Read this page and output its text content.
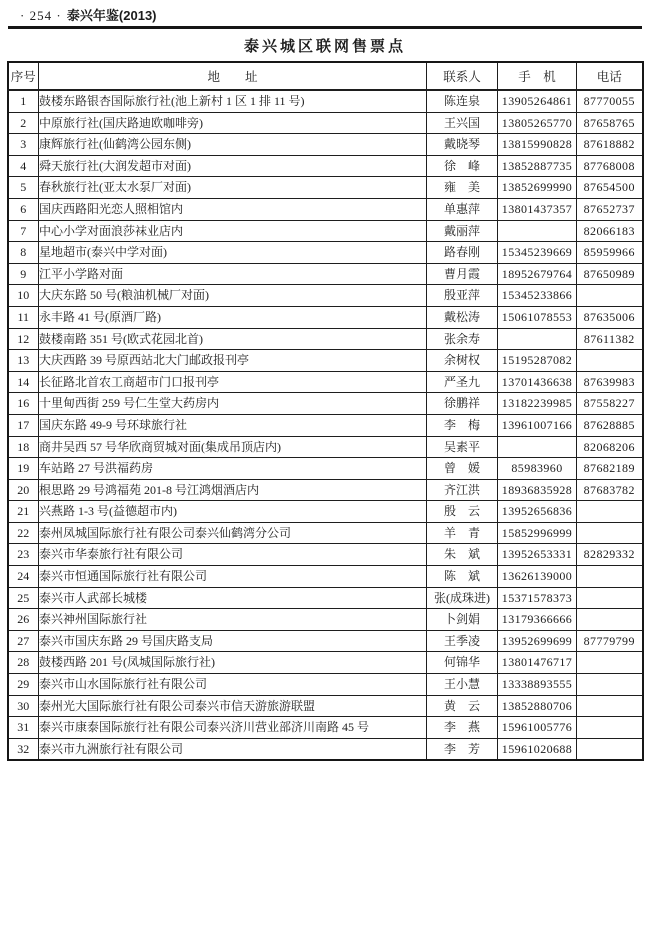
· 254 · 泰兴年鉴(2013)
泰兴城区联网售票点
序号	地　　址	联系人	手　机	电话
1	鼓楼东路银杏国际旅行社(池上新村 1 区 1 排 11 号)	陈连泉	13905264861	87770055
2	中原旅行社(国庆路迪欧咖啡旁)	王兴国	13805265770	87658765
3	康辉旅行社(仙鹤湾公园东侧)	戴晓琴	13815990828	87618882
4	舜天旅行社(大润发超市对面)	徐　峰	13852887735	87768008
5	春秋旅行社(亚太水泵厂对面)	雍　美	13852699990	87654500
6	国庆西路阳光恋人照相馆内	单惠萍	13801437357	87652737
7	中心小学对面浪莎袜业店内	戴丽萍		82066183
8	星地超市(泰兴中学对面)	路春刚	15345239669	85959966
9	江平小学路对面	曹月霞	18952679764	87650989
10	大庆东路 50 号(粮油机械厂对面)	殷亚萍	15345233866	
11	永丰路 41 号(原酒厂路)	戴松涛	15061078553	87635006
12	鼓楼南路 351 号(欧式花园北首)	张余寿		87611382
13	大庆西路 39 号原西站北大门邮政报刊亭	余树权	15195287082	
14	长征路北首农工商超市门口报刊亭	严圣九	13701436638	87639983
16	十里甸西街 259 号仁生堂大药房内	徐鹏祥	13182239985	87558227
17	国庆东路 49-9 号环球旅行社	李　梅	13961007166	87628885
18	商井吴西 57 号华欣商贸城对面(集成吊顶店内)	吴素平		82068206
19	车站路 27 号洪福药房	曾　媛	85983960	87682189
20	根思路 29 号鸿福苑 201-8 号江鸿烟酒店内	齐江洪	18936835928	87683782
21	兴燕路 1-3 号(益德超市内)	殷　云	13952656836	
22	泰州凤城国际旅行社有限公司泰兴仙鹤湾分公司	羊　青	15852996999	
23	泰兴市华泰旅行社有限公司	朱　斌	13952653331	82829332
24	泰兴市恒通国际旅行社有限公司	陈　斌	13626139000	
25	泰兴市人武部长城楼	张(成珠进)	15371578373	
26	泰兴神州国际旅行社	卜剑娟	13179366666	
27	泰兴市国庆东路 29 号国庆路支局	王季凌	13952699699	87779799
28	鼓楼西路 201 号(凤城国际旅行社)	何锦华	13801476717	
29	泰兴市山水国际旅行社有限公司	王小慧	13338893555	
30	泰州光大国际旅行社有限公司泰兴市信天游旅游联盟	黄　云	13852880706	
31	泰兴市康泰国际旅行社有限公司泰兴济川营业部济川南路 45 号	李　燕	15961005776	
32	泰兴市九洲旅行社有限公司	李　芳	15961020688	
